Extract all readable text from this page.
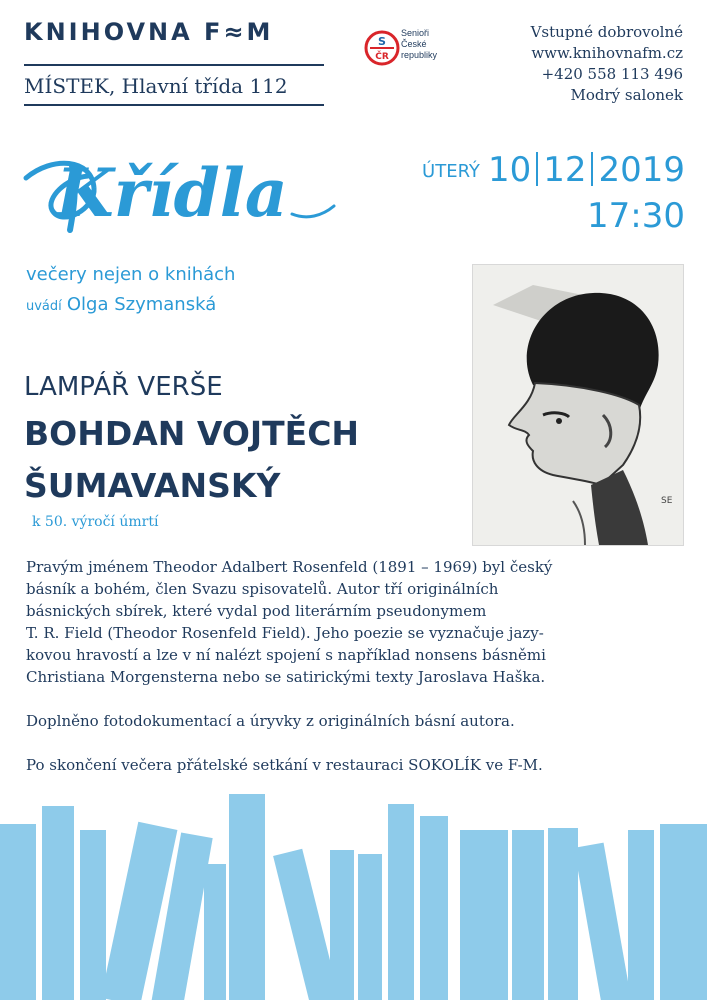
KNIHOVNA F≈M
MÍSTEK, Hlavní třída 112
S
ČR
Senioři
České
republiky
Vstupné dobrovolné
www.knihovnafm.cz
+420 558 113 496
Modrý salonek
Křídla	ÚTERÝ 10 12 2019
17:30
večery nejen o knihách
uvádí Olga Szymanská
LAMPÁŘ VERŠE
BOHDAN VOJTĚCH
ŠUMAVANSKÝ
k 50. výročí úmrtí
SE
Pravým jménem Theodor Adalbert Rosenfeld (1891 – 1969) byl český
básník a bohém, člen Svazu spisovatelů. Autor tří originálních
básnických sbírek, které vydal pod literárním pseudonymem
T. R. Field (Theodor Rosenfeld Field). Jeho poezie se vyznačuje jazy-
kovou hravostí a lze v ní nalézt spojení s například nonsens básněmi
Christiana Morgensterna nebo se satirickými texty Jaroslava Haška.
Doplněno fotodokumentací a úryvky z originálních básní autora.
Po skončení večera přátelské setkání v restauraci SOKOLÍK ve F-M.
